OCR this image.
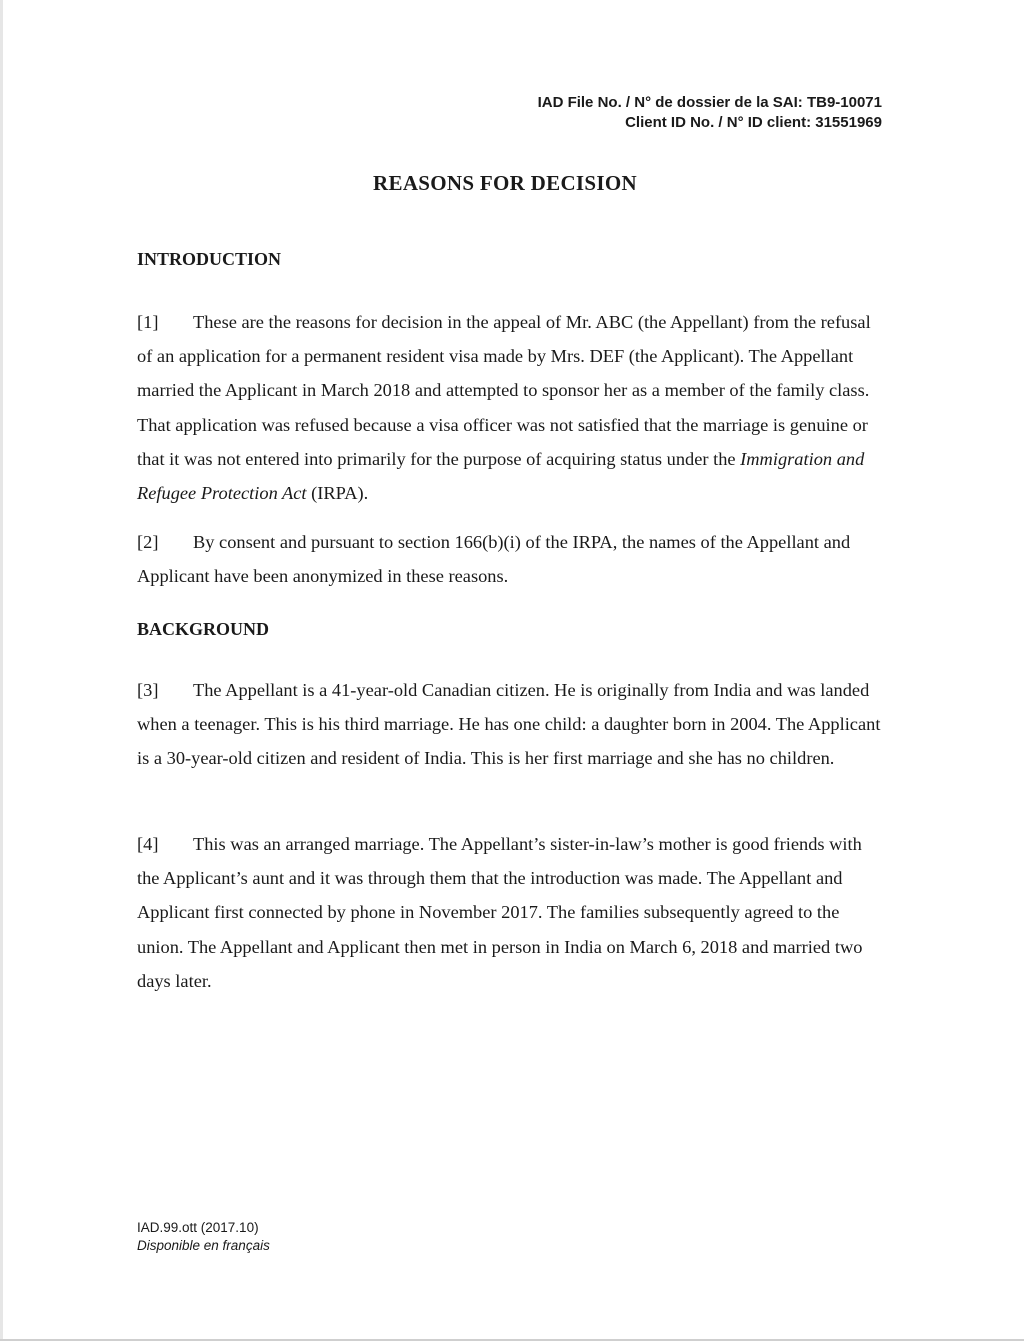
IAD File No. / N° de dossier de la SAI: TB9-10071
Client ID No. / N° ID client: 31551969
REASONS FOR DECISION
INTRODUCTION

[1] These are the reasons for decision in the appeal of Mr. ABC (the Appellant) from the refusal of an application for a permanent resident visa made by Mrs. DEF (the Applicant). The Appellant married the Applicant in March 2018 and attempted to sponsor her as a member of the family class. That application was refused because a visa officer was not satisfied that the marriage is genuine or that it was not entered into primarily for the purpose of acquiring status under the Immigration and Refugee Protection Act (IRPA).

[2] By consent and pursuant to section 166(b)(i) of the IRPA, the names of the Appellant and Applicant have been anonymized in these reasons.

BACKGROUND

[3] The Appellant is a 41-year-old Canadian citizen. He is originally from India and was landed when a teenager. This is his third marriage. He has one child: a daughter born in 2004. The Applicant is a 30-year-old citizen and resident of India. This is her first marriage and she has no children.

[4] This was an arranged marriage. The Appellant’s sister-in-law’s mother is good friends with the Applicant’s aunt and it was through them that the introduction was made. The Appellant and Applicant first connected by phone in November 2017. The families subsequently agreed to the union. The Appellant and Applicant then met in person in India on March 6, 2018 and married two days later.

IAD.99.ott (2017.10)
Disponible en français
